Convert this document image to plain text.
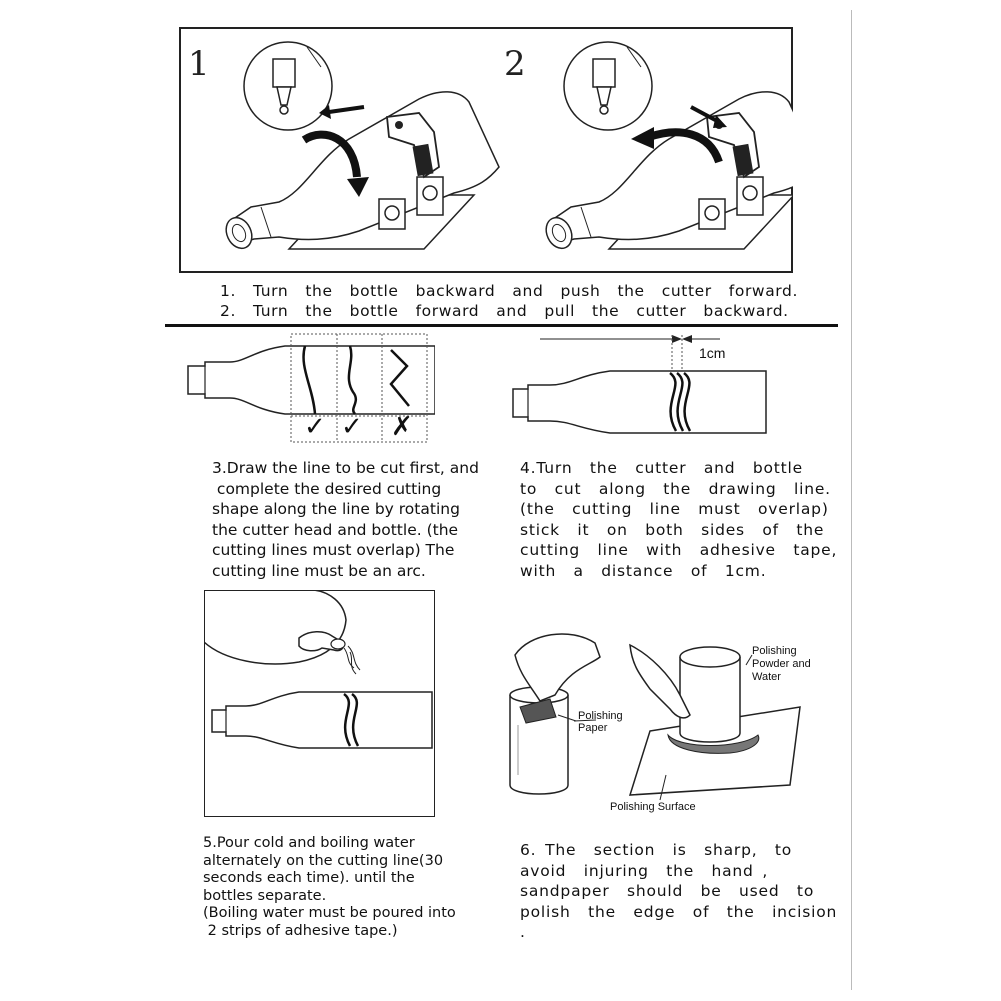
1	2
1.  Turn  the  bottle  backward  and  push  the  cutter  forward.
2.  Turn  the  bottle  forward  and  pull  the  cutter  backward.
✓ ✓ ✗
1cm
3.Draw the line to be cut first, and
complete the desired cutting
shape along the line by rotating
the cutter head and bottle. (the
cutting lines must overlap) The
cutting line must be an arc.
4.Turn  the  cutter  and  bottle
to  cut  along  the  drawing  line.
(the  cutting  line  must  overlap)
stick  it  on  both  sides  of  the
cutting  line  with  adhesive  tape,
with  a  distance  of  1cm.
Polishing
Paper
Polishing
Powder and
Water
Polishing Surface
5.Pour cold and boiling water
alternately on the cutting line(30
seconds each time). until the
bottles separate.
(Boiling water must be poured into
2 strips of adhesive tape.)
6. The  section  is  sharp,  to
avoid  injuring  the  hand ,
sandpaper  should  be  used  to
polish  the  edge  of  the  incision
.
